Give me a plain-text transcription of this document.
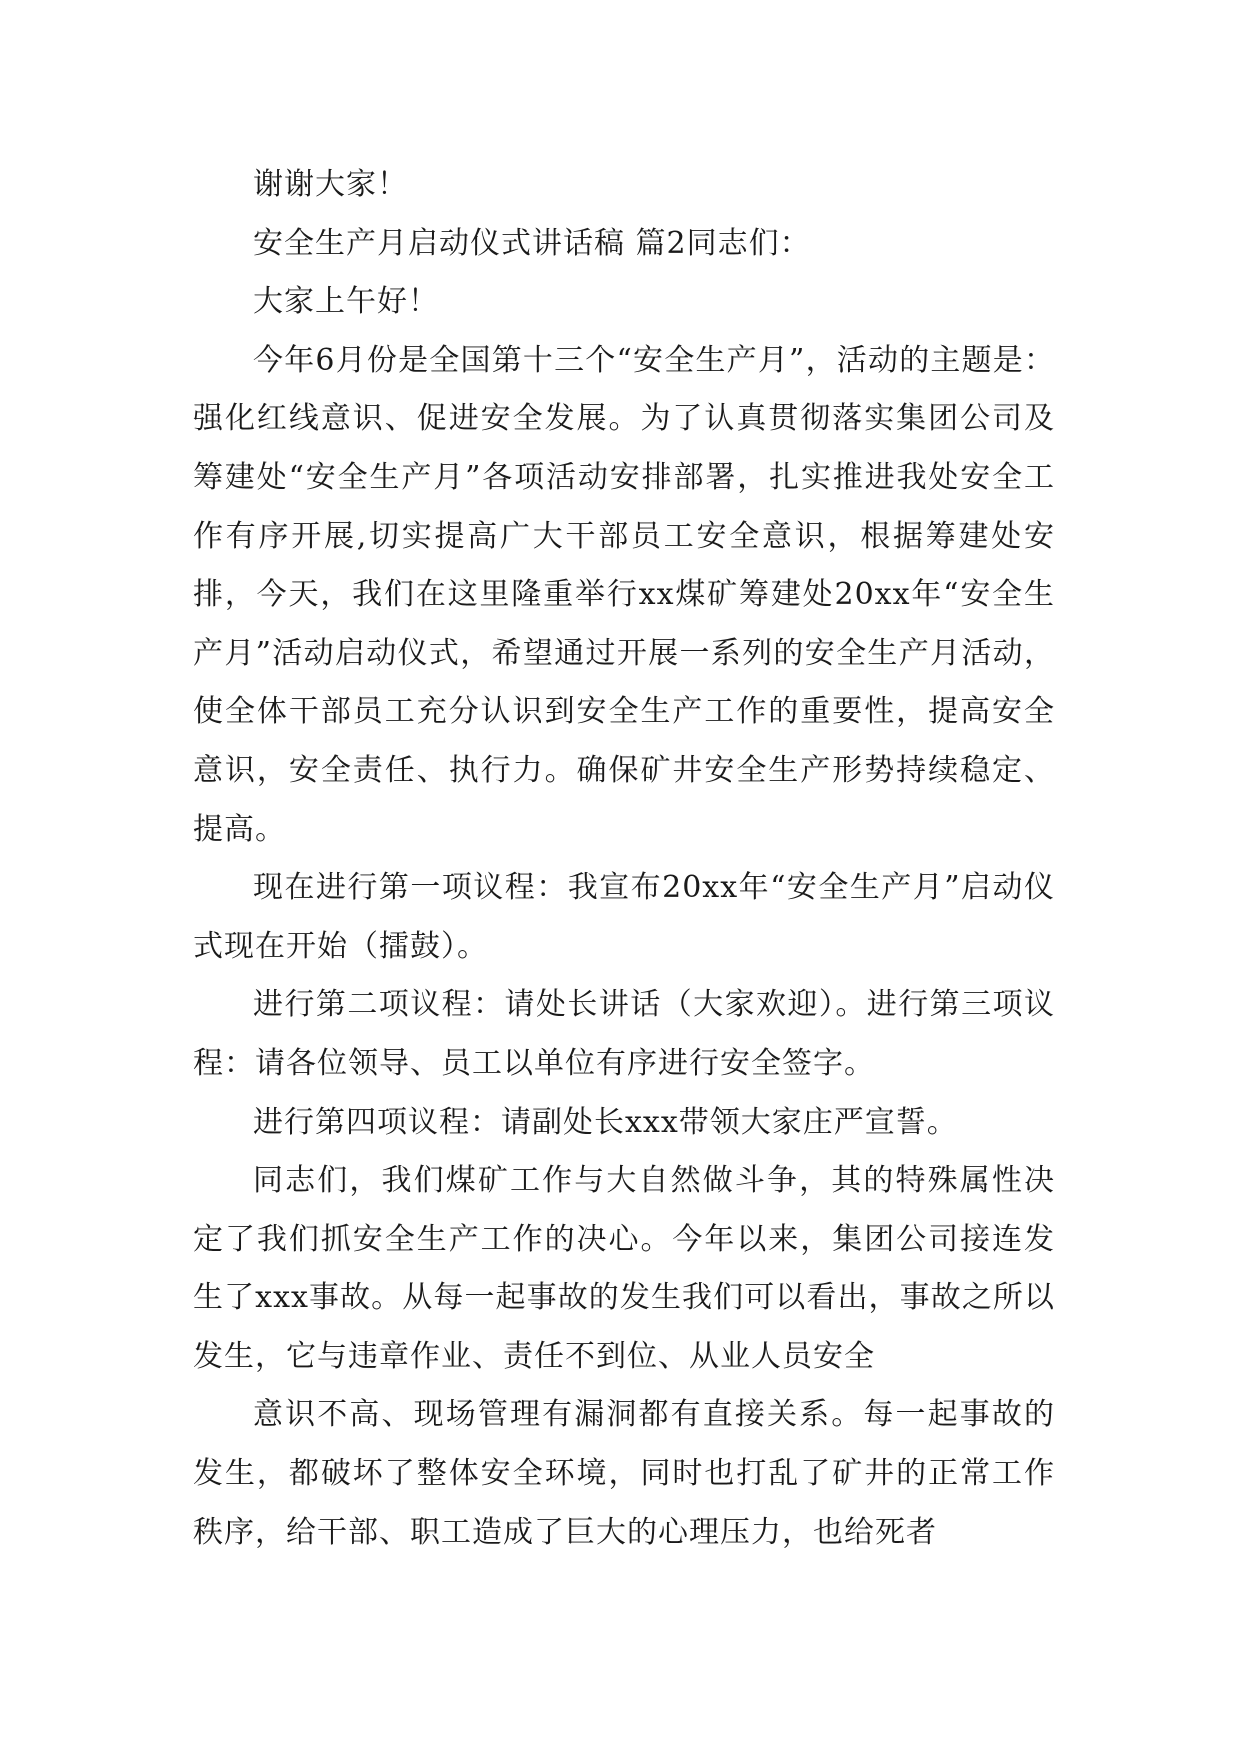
谢谢大家！

安全生产月启动仪式讲话稿 篇2同志们：

大家上午好！

今年6月份是全国第十三个“安全生产月”，活动的主题是：强化红线意识、促进安全发展。为了认真贯彻落实集团公司及筹建处“安全生产月”各项活动安排部署，扎实推进我处安全工作有序开展,切实提高广大干部员工安全意识，根据筹建处安排，今天，我们在这里隆重举行xx煤矿筹建处20xx年“安全生产月”活动启动仪式，希望通过开展一系列的安全生产月活动，使全体干部员工充分认识到安全生产工作的重要性，提高安全意识，安全责任、执行力。确保矿井安全生产形势持续稳定、提高。

现在进行第一项议程：我宣布20xx年“安全生产月”启动仪式现在开始（擂鼓）。

进行第二项议程：请处长讲话（大家欢迎）。进行第三项议程：请各位领导、员工以单位有序进行安全签字。

进行第四项议程：请副处长xxx带领大家庄严宣誓。

同志们，我们煤矿工作与大自然做斗争，其的特殊属性决定了我们抓安全生产工作的决心。今年以来，集团公司接连发生了xxx事故。从每一起事故的发生我们可以看出，事故之所以发生，它与违章作业、责任不到位、从业人员安全

意识不高、现场管理有漏洞都有直接关系。每一起事故的发生，都破坏了整体安全环境，同时也打乱了矿井的正常工作秩序，给干部、职工造成了巨大的心理压力，也给死者
